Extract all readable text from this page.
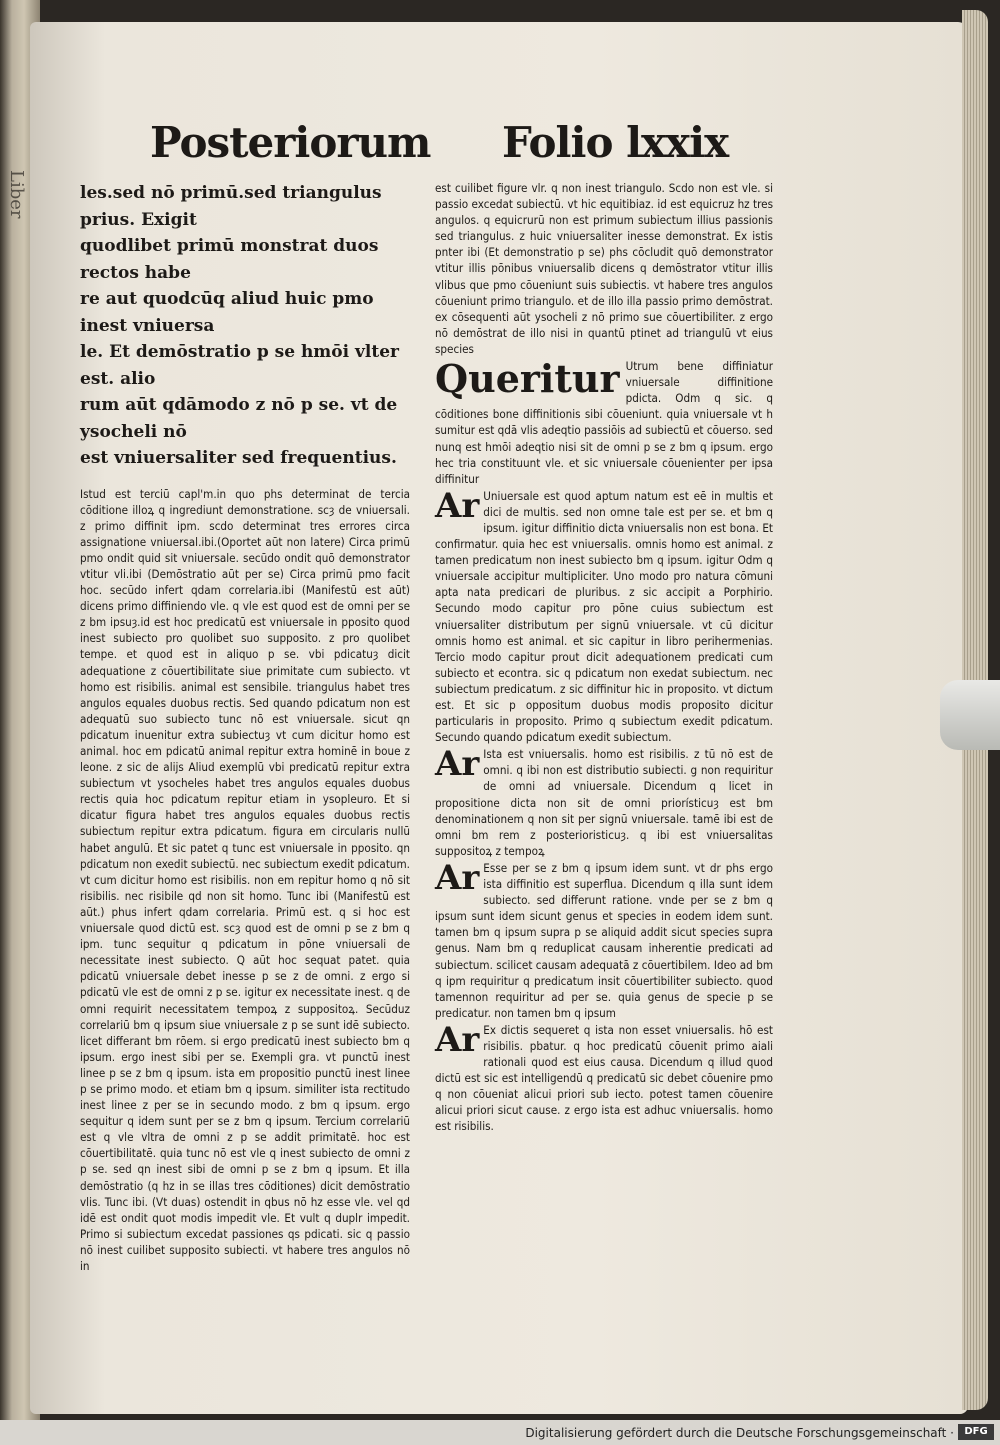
Liber
Posteriorum Folio lxxix

les.sed nō primū.sed triangulus prius. Exigit

quodlibet primū monstrat duos rectos habe

re aut quodcūq aliud huic pmo inest vniuersa

le. Et demōstratio p se hmōi vlter est. alio

rum aūt qdāmodo z nō p se. vt de ysocheli nō

est vniuersaliter sed frequentius.

Istud est terciū capl'm.in quo phs determinat de tercia cōditione illoꝝ q ingrediunt demonstratione. scȝ de vniuersali. z primo diffinit ipm. scdo determinat tres errores circa assignatione vniuersal.ibi.(Oportet aūt non latere) Circa primū pmo ondit quid sit vniuersale. secūdo ondit quō demonstrator vtitur vli.ibi (Demōstratio aūt per se) Circa primū pmo facit hoc. secūdo infert qdam correlaria.ibi (Manifestū est aūt) dicens primo diffiniendo vle. q vle est quod est de omni per se z bm ipsuȝ.id est hoc predicatū est vniuersale in pposito quod inest subiecto pro quolibet suo supposito. z pro quolibet tempe. et quod est in aliquo p se. vbi pdicatuȝ dicit adequatione z cōuertibilitate siue primitate cum subiecto. vt homo est risibilis. animal est sensibile. triangulus habet tres angulos equales duobus rectis. Sed quando pdicatum non est adequatū suo subiecto tunc nō est vniuersale. sicut qn pdicatum inuenitur extra subiectuȝ vt cum dicitur homo est animal. hoc em pdicatū animal repitur extra hominē in boue z leone. z sic de alijs Aliud exemplū vbi predicatū repitur extra subiectum vt ysocheles habet tres angulos equales duobus rectis quia hoc pdicatum repitur etiam in ysopleuro. Et si dicatur figura habet tres angulos equales duobus rectis subiectum repitur extra pdicatum. figura em circularis nullū habet angulū. Et sic patet q tunc est vniuersale in pposito. qn pdicatum non exedit subiectū. nec subiectum exedit pdicatum. vt cum dicitur homo est risibilis. non em repitur homo q nō sit risibilis. nec risibile qd non sit homo. Tunc ibi (Manifestū est aūt.) phus infert qdam correlaria. Primū est. q si hoc est vniuersale quod dictū est. scȝ quod est de omni p se z bm q ipm. tunc sequitur q pdicatum in pōne vniuersali de necessitate inest subiecto. Q aūt hoc sequat patet. quia pdicatū vniuersale debet inesse p se z de omni. z ergo si pdicatū vle est de omni z p se. igitur ex necessitate inest. q de omni requirit necessitatem tempoꝝ z suppositoꝝ. Secūduz correlariū bm q ipsum siue vniuersale z p se sunt idē subiecto. licet differant bm rōem. si ergo predicatū inest subiecto bm q ipsum. ergo inest sibi per se. Exempli gra. vt punctū inest linee p se z bm q ipsum. ista em propositio punctū inest linee p se primo modo. et etiam bm q ipsum. similiter ista rectitudo inest linee z per se in secundo modo. z bm q ipsum. ergo sequitur q idem sunt per se z bm q ipsum. Tercium correlariū est q vle vltra de omni z p se addit primitatē. hoc est cōuertibilitatē. quia tunc nō est vle q inest subiecto de omni z p se. sed qn inest sibi de omni p se z bm q ipsum. Et illa demōstratio (q hz in se illas tres cōditiones) dicit demōstratio vlis. Tunc ibi. (Vt duas) ostendit in qbus nō hz esse vle. vel qd idē est ondit quot modis impedit vle. Et vult q duplr impedit. Primo si subiectum excedat passiones qs pdicati. sic q passio nō inest cuilibet supposito subiecti. vt habere tres angulos nō in

est cuilibet figure vlr. q non inest triangulo. Scdo non est vle. si passio excedat subiectū. vt hic equitibiaz. id est equicruz hz tres angulos. q equicrurū non est primum subiectum illius passionis sed triangulus. z huic vniuersaliter inesse demonstrat. Ex istis pnter ibi (Et demonstratio p se) phs cōcludit quō demonstrator vtitur illis pōnibus vniuersalib dicens q demōstrator vtitur illis vlibus que pmo cōueniunt suis subiectis. vt habere tres angulos cōueniunt primo triangulo. et de illo illa passio primo demōstrat. ex cōsequenti aūt ysocheli z nō primo sue cōuertibiliter. z ergo nō demōstrat de illo nisi in quantū ptinet ad triangulū vt eius species

Queritur Utrum bene diffiniatur vniuersale diffinitione pdicta. Odm q sic. q cōditiones bone diffinitionis sibi cōueniunt. quia vniuersale vt h sumitur est qdā vlis adeqtio passiōis ad subiectū et cōuerso. sed nunq est hmōi adeqtio nisi sit de omni p se z bm q ipsum. ergo hec tria constituunt vle. et sic vniuersale cōuenienter per ipsa diffinitur

Ar Uniuersale est quod aptum natum est eē in multis et dici de multis. sed non omne tale est per se. et bm q ipsum. igitur diffinitio dicta vniuersalis non est bona. Et confirmatur. quia hec est vniuersalis. omnis homo est animal. z tamen predicatum non inest subiecto bm q ipsum. igitur Odm q vniuersale accipitur multipliciter. Uno modo pro natura cōmuni apta nata predicari de pluribus. z sic accipit a Porphirio. Secundo modo capitur pro pōne cuius subiectum est vniuersaliter distributum per signū vniuersale. vt cū dicitur omnis homo est animal. et sic capitur in libro perihermenias. Tercio modo capitur prout dicit adequationem predicati cum subiecto et econtra. sic q pdicatum non exedat subiectum. nec subiectum predicatum. z sic diffinitur hic in proposito. vt dictum est. Et sic p oppositum duobus modis proposito dicitur particularis in proposito. Primo q subiectum exedit pdicatum. Secundo quando pdicatum exedit subiectum.

Ar Ista est vniuersalis. homo est risibilis. z tū nō est de omni. q ibi non est distributio subiecti. g non requiritur de omni ad vniuersale. Dicendum q licet in propositione dicta non sit de omni priorísticuȝ est bm denominationem q non sit per signū vniuersale. tamē ibi est de omni bm rem z posterioristicuȝ. q ibi est vniuersalitas suppositoꝝ z tempoꝝ

Ar Esse per se z bm q ipsum idem sunt. vt dr phs ergo ista diffinitio est superflua. Dicendum q illa sunt idem subiecto. sed differunt ratione. vnde per se z bm q ipsum sunt idem sicunt genus et species in eodem idem sunt. tamen bm q ipsum supra p se aliquid addit sicut species supra genus. Nam bm q reduplicat causam inherentie predicati ad subiectum. scilicet causam adequatā z cōuertibilem. Ideo ad bm q ipm requiritur q predicatum insit cōuertibiliter subiecto. quod tamennon requiritur ad per se. quia genus de specie p se predicatur. non tamen bm q ipsum

Ar Ex dictis sequeret q ista non esset vniuersalis. hō est risibilis. pbatur. q hoc predicatū cōuenit primo aiali rationali quod est eius causa. Dicendum q illud quod dictū est sic est intelligendū q predicatū sic debet cōuenire pmo q non cōueniat alicui priori sub iecto. potest tamen cōuenire alicui priori sicut cause. z ergo ista est adhuc vniuersalis. homo est risibilis.

Digitalisierung gefördert durch die Deutsche Forschungsgemeinschaft ·	DFG
